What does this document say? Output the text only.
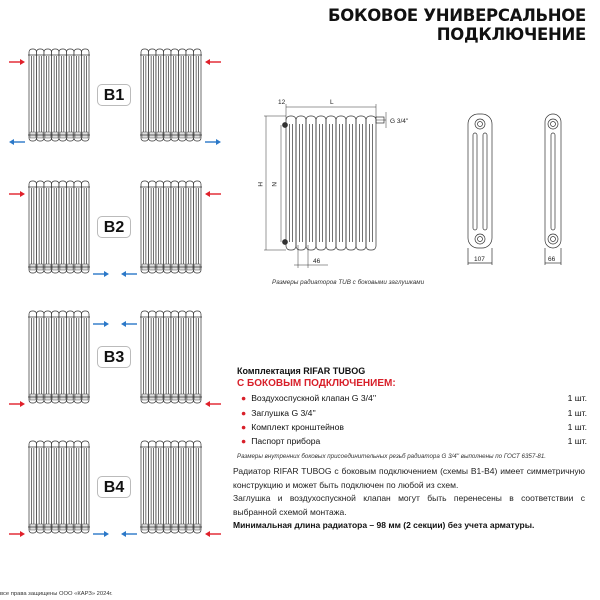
БОКОВОЕ УНИВЕРСАЛЬНОЕ
ПОДКЛЮЧЕНИЕ
B1
B2
B3
B4
12	L
H N
46
G 3/4''
107	66
Размеры радиаторов TUB с боковыми заглушками
Комплектация RIFAR TUBOG
С БОКОВЫМ ПОДКЛЮЧЕНИЕМ:
● Воздухоспускной клапан G 3/4''	1 шт.
● Заглушка G 3/4''	1 шт.
● Комплект кронштейнов	1 шт.
● Паспорт прибора	1 шт.
Размеры внутренних боковых присоединительных резьб радиатора G 3/4'' выполнены по ГОСТ 6357-81.
Радиатор RIFAR TUBOG с боковым подключением (схемы B1-B4) имеет симметричную конструкцию и может быть подключен по любой из схем.
Заглушка и воздухоспускной клапан могут быть перенесены в соответствии с выбранной схемой монтажа.
Минимальная длина радиатора – 98 мм (2 секции) без учета арматуры.
все права защищены ООО «КАРЗ» 2024г.
